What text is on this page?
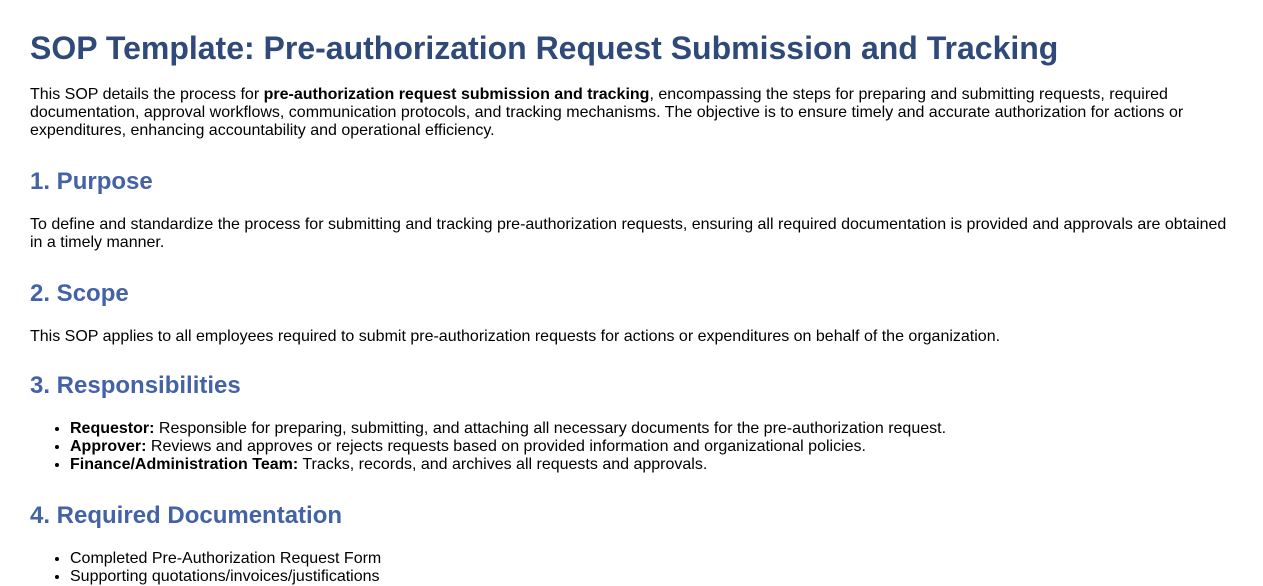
SOP Template: Pre-authorization Request Submission and Tracking

This SOP details the process for pre-authorization request submission and tracking, encompassing the steps for preparing and submitting requests, required documentation, approval workflows, communication protocols, and tracking mechanisms. The objective is to ensure timely and accurate authorization for actions or expenditures, enhancing accountability and operational efficiency.

1. Purpose

To define and standardize the process for submitting and tracking pre-authorization requests, ensuring all required documentation is provided and approvals are obtained in a timely manner.

2. Scope

This SOP applies to all employees required to submit pre-authorization requests for actions or expenditures on behalf of the organization.

3. Responsibilities
• Requestor: Responsible for preparing, submitting, and attaching all necessary documents for the pre-authorization request.
• Approver: Reviews and approves or rejects requests based on provided information and organizational policies.
• Finance/Administration Team: Tracks, records, and archives all requests and approvals.
4. Required Documentation
• Completed Pre-Authorization Request Form
• Supporting quotations/invoices/justifications
